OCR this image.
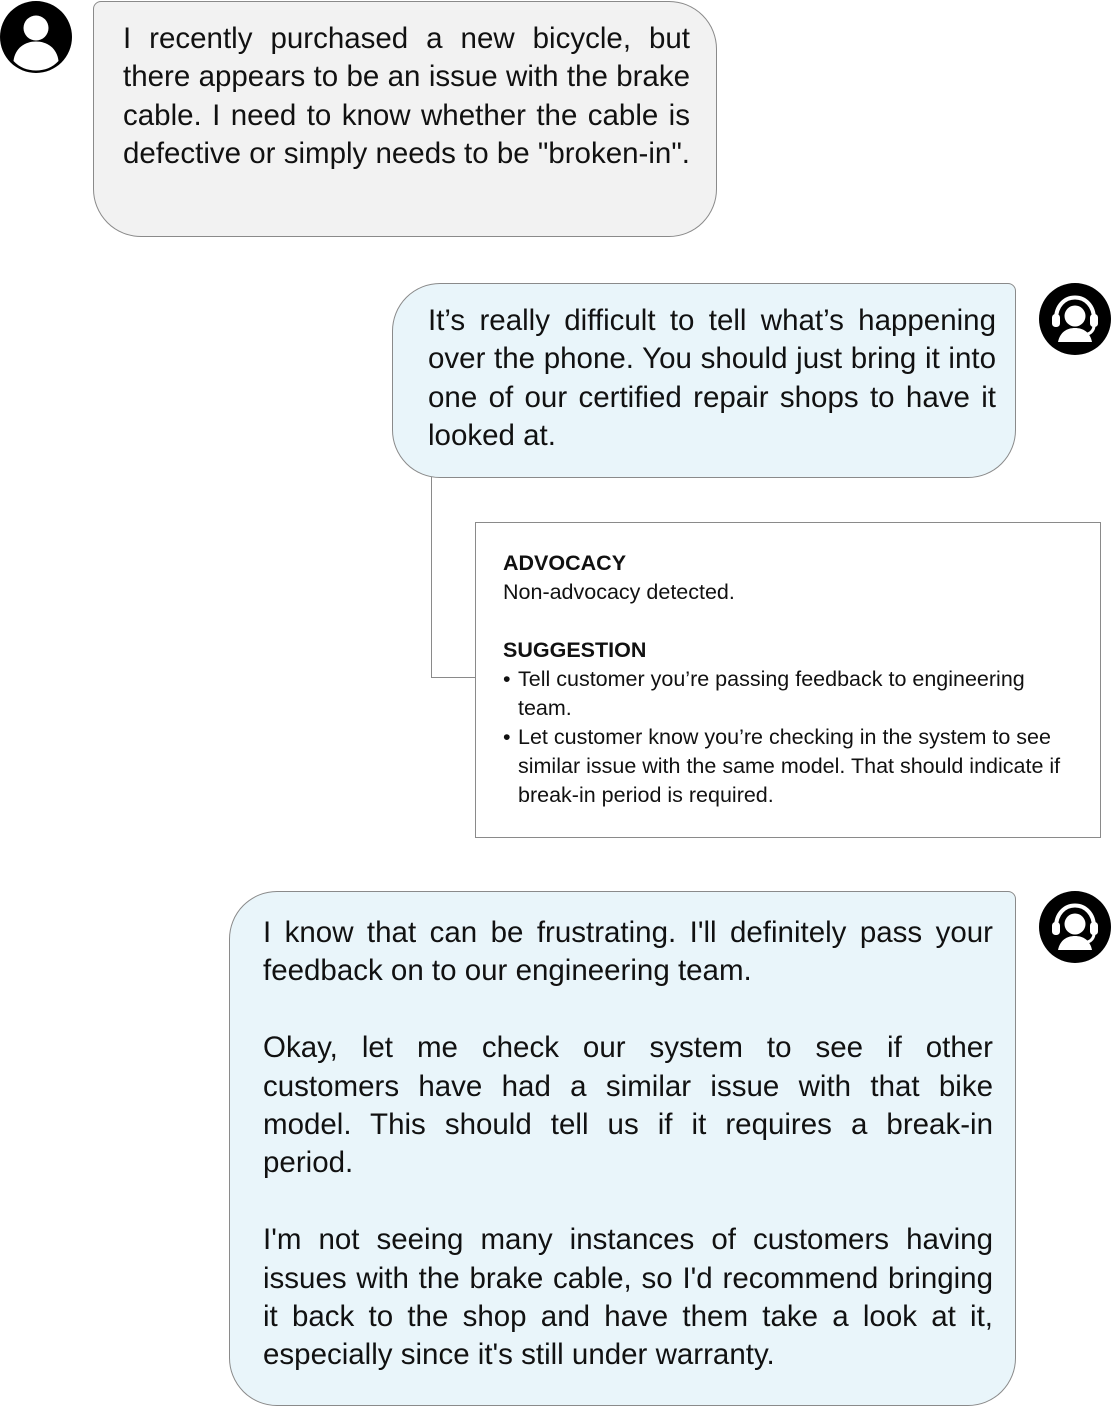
I recently purchased a new bicycle, but there appears to be an issue with the brake cable. I need to know whether the cable is defective or simply needs to be "broken-in".

It’s really difficult to tell what’s happening over the phone. You should just bring it into one of our certified repair shops to have it looked at.

ADVOCACY
Non-advocacy detected.
SUGGESTION
• Tell customer you’re passing feedback to engineering team.
• Let customer know you’re checking in the system to see similar issue with the same model. That should indicate if break-in period is required.

I know that can be frustrating. I'll definitely pass your feedback on to our engineering team.

Okay, let me check our system to see if other customers have had a similar issue with that bike model. This should tell us if it requires a break-in period.

I'm not seeing many instances of customers having issues with the brake cable, so I'd recommend bringing it back to the shop and have them take a look at it, especially since it's still under warranty.
